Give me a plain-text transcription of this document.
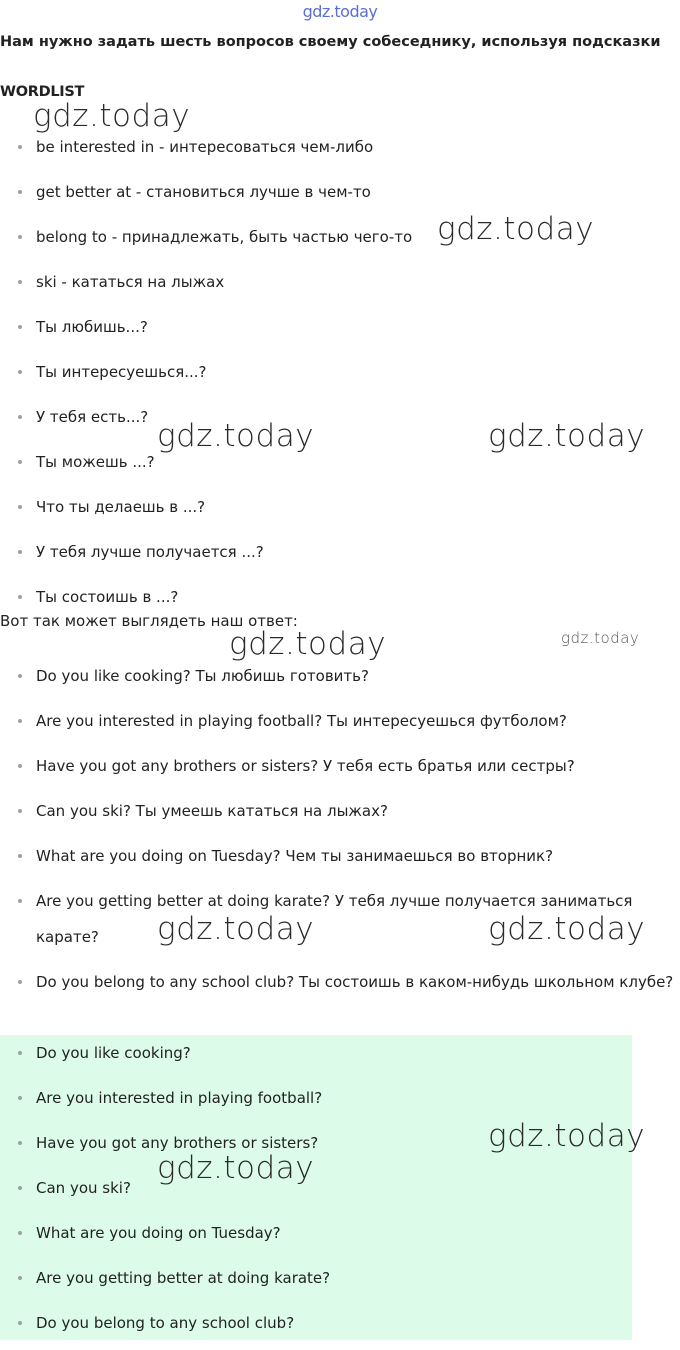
gdz.today
Нам нужно задать шесть вопросов своему собеседнику, используя подсказки
WORDLIST
be interested in - интересоваться чем-либо
get better at - становиться лучше в чем-то
belong to - принадлежать, быть частью чего-то
ski - кататься на лыжах
Ты любишь...?
Ты интересуешься...?
У тебя есть...?
Ты можешь ...?
Что ты делаешь в ...?
У тебя лучше получается ...?
Ты состоишь в ...?
Вот так может выглядеть наш ответ:
Do you like cooking? Ты любишь готовить?
Are you interested in playing football? Ты интересуешься футболом?
Have you got any brothers or sisters? У тебя есть братья или сестры?
Can you ski? Ты умеешь кататься на лыжах?
What are you doing on Tuesday? Чем ты занимаешься во вторник?
Are you getting better at doing karate? У тебя лучше получается заниматься карате?
Do you belong to any school club? Ты состоишь в каком-нибудь школьном клубе?
Do you like cooking?
Are you interested in playing football?
Have you got any brothers or sisters?
Can you ski?
What are you doing on Tuesday?
Are you getting better at doing karate?
Do you belong to any school club?
gdz.today
gdz.today
gdz.today	gdz.today
gdz.today	gdz.today
gdz.today	gdz.today
gdz.today
gdz.today
